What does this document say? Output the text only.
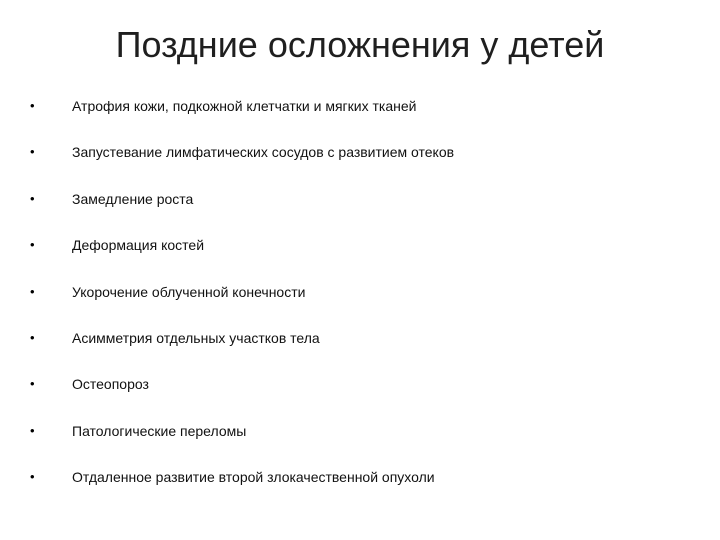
Поздние осложнения у детей
•	Атрофия кожи, подкожной клетчатки и мягких тканей
•	Запустевание лимфатических сосудов с развитием отеков
•	Замедление роста
•	Деформация костей
•	Укорочение облученной конечности
•	Асимметрия отдельных участков тела
•	Остеопороз
•	Патологические переломы
•	Отдаленное развитие второй злокачественной опухоли
